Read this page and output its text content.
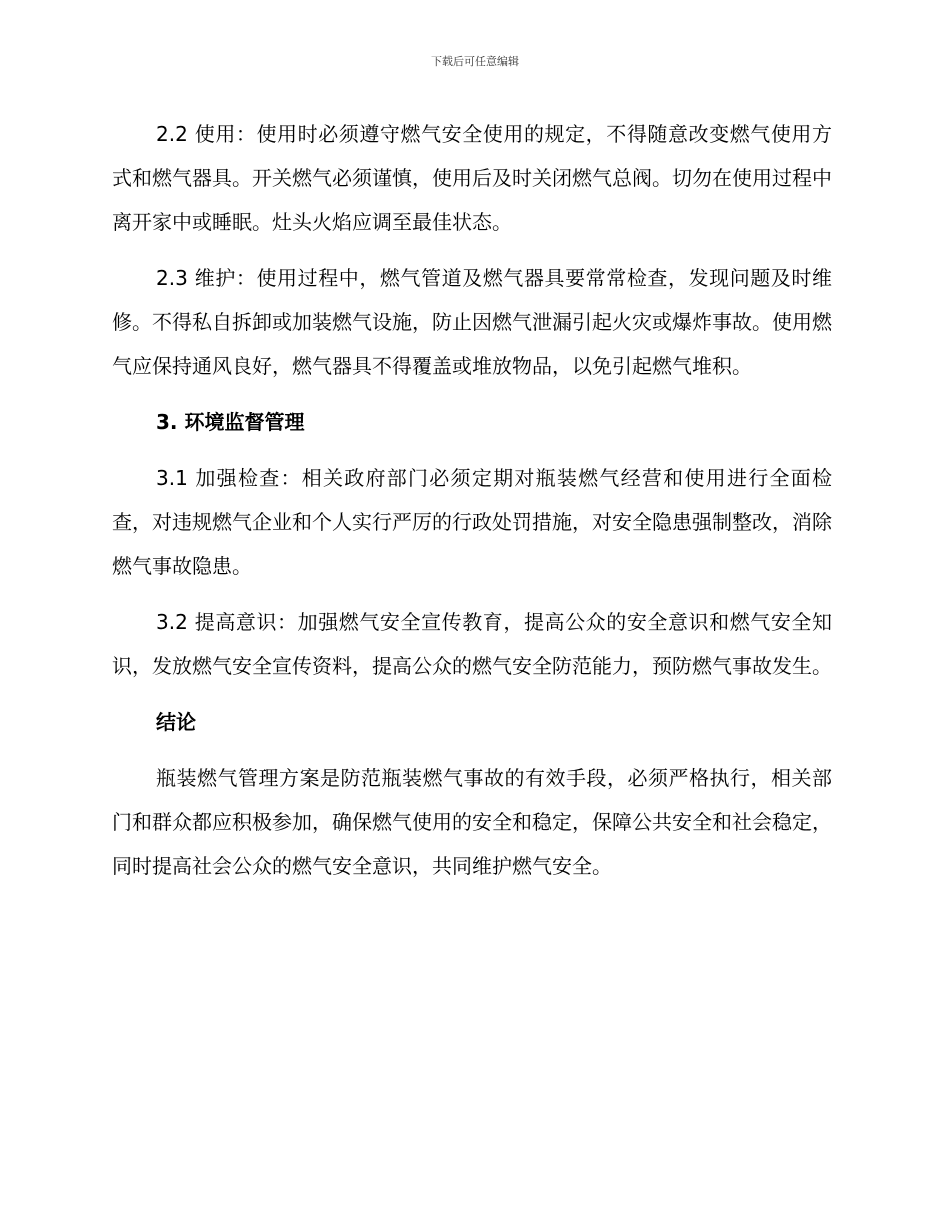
下载后可任意编辑

2.2 使用：使用时必须遵守燃气安全使用的规定，不得随意改变燃气使用方式和燃气器具。开关燃气必须谨慎，使用后及时关闭燃气总阀。切勿在使用过程中离开家中或睡眠。灶头火焰应调至最佳状态。

2.3 维护：使用过程中，燃气管道及燃气器具要常常检查，发现问题及时维修。不得私自拆卸或加装燃气设施，防止因燃气泄漏引起火灾或爆炸事故。使用燃气应保持通风良好，燃气器具不得覆盖或堆放物品，以免引起燃气堆积。

3. 环境监督管理

3.1 加强检查：相关政府部门必须定期对瓶装燃气经营和使用进行全面检查，对违规燃气企业和个人实行严厉的行政处罚措施，对安全隐患强制整改，消除燃气事故隐患。

3.2 提高意识：加强燃气安全宣传教育，提高公众的安全意识和燃气安全知识，发放燃气安全宣传资料，提高公众的燃气安全防范能力，预防燃气事故发生。

结论

瓶装燃气管理方案是防范瓶装燃气事故的有效手段，必须严格执行，相关部门和群众都应积极参加，确保燃气使用的安全和稳定，保障公共安全和社会稳定，同时提高社会公众的燃气安全意识，共同维护燃气安全。
